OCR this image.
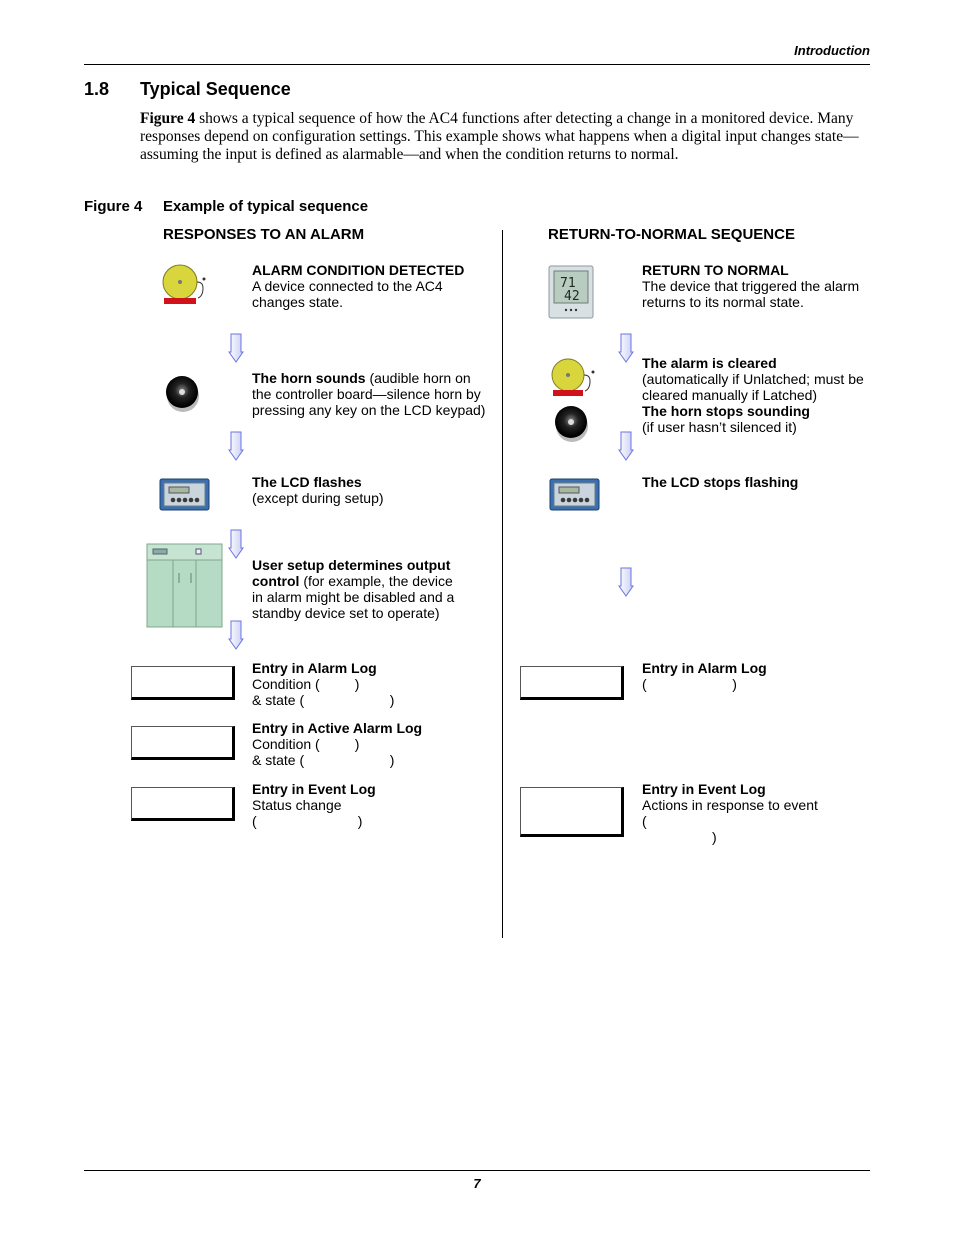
Introduction
1.8 Typical Sequence
Figure 4 shows a typical sequence of how the AC4 functions after detecting a change in a monitored device. Many responses depend on configuration settings. This example shows what happens when a digital input changes state—assuming the input is defined as alarmable—and when the condition returns to normal.
Figure 4 Example of typical sequence
RESPONSES TO AN ALARM	RETURN-TO-NORMAL SEQUENCE
ALARM CONDITION DETECTED
A device connected to the AC4
changes state.
The horn sounds (audible horn on
the controller board—silence horn by
pressing any key on the LCD keypad)
The LCD flashes
(except during setup)
User setup determines output
control (for example, the device
in alarm might be disabled and a
standby device set to operate)
Entry in Alarm Log
Condition (         )
& state (                      )
Entry in Active Alarm Log
Condition (         )
& state (                      )
Entry in Event Log
Status change
(                          )
71
42
RETURN TO NORMAL
The device that triggered the alarm
returns to its normal state.
The alarm is cleared
(automatically if Unlatched; must be
cleared manually if Latched)
The horn stops sounding
(if user hasn’t silenced it)
The LCD stops flashing
Entry in Alarm Log
(                      )
Entry in Event Log
Actions in response to event
(
)
7
